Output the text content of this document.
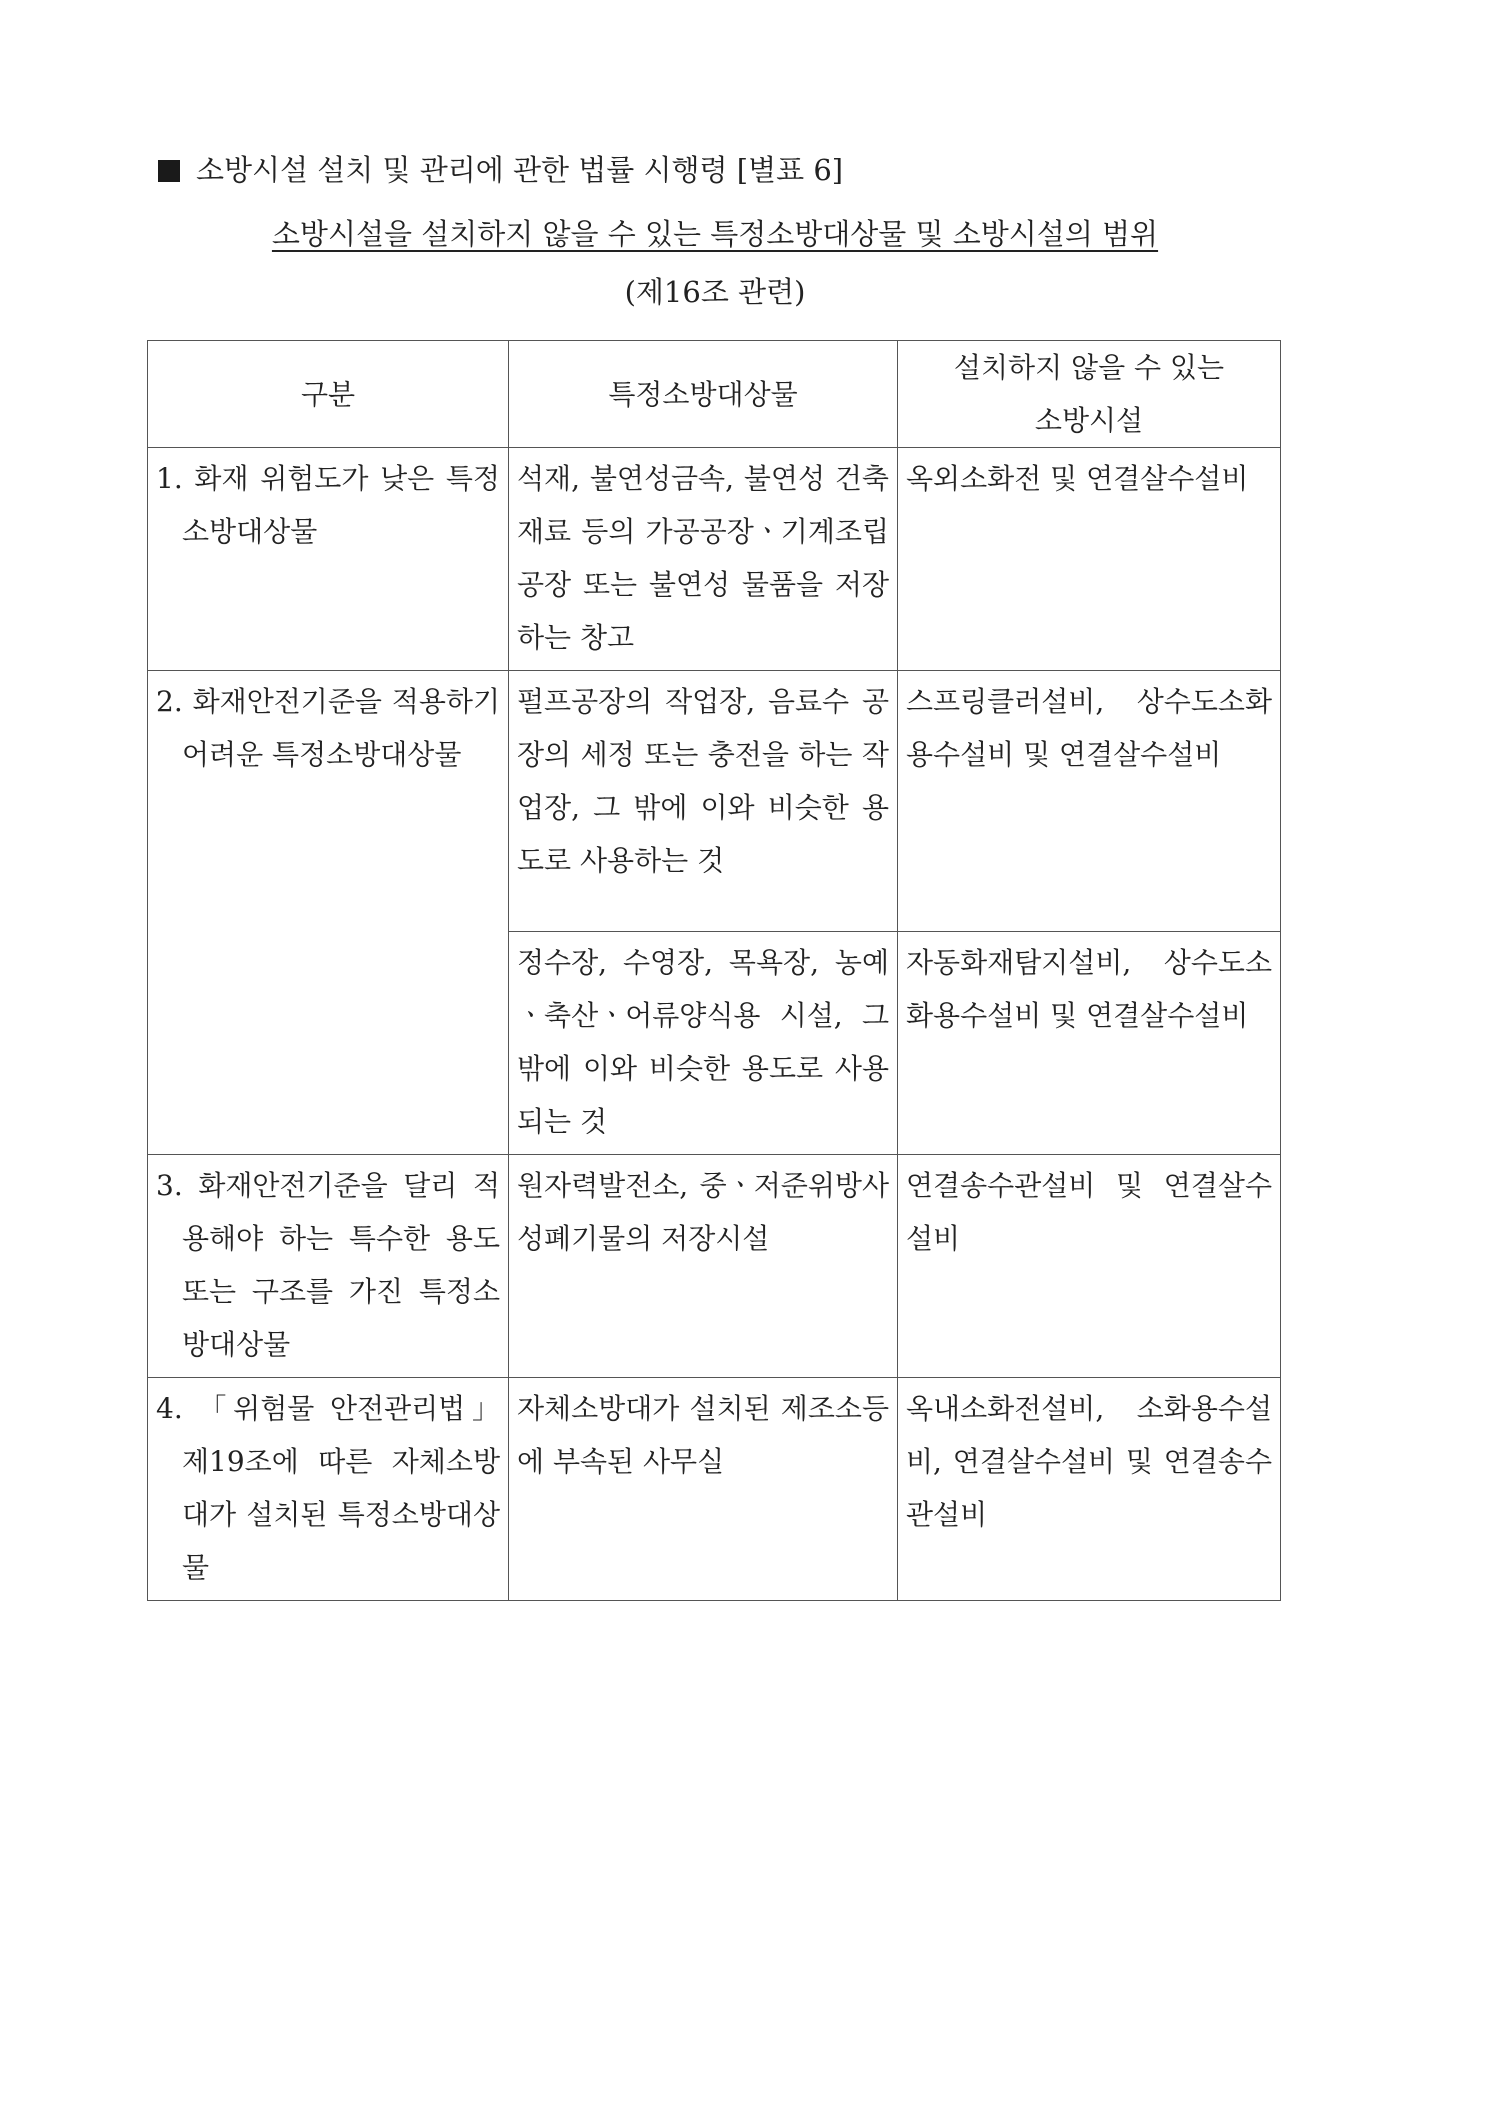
소방시설 설치 및 관리에 관한 법률 시행령 [별표 6]
소방시설을 설치하지 않을 수 있는 특정소방대상물 및 소방시설의 범위
(제16조 관련)
구분	특정소방대상물	설치하지 않을 수 있는
소방시설
1. 화재 위험도가 낮은 특정소방대상물	석재, 불연성금속, 불연성 건축재료 등의 가공공장ㆍ기계조립공장 또는 불연성 물품을 저장하는 창고	옥외소화전 및 연결살수설비
2. 화재안전기준을 적용하기 어려운 특정소방대상물	펄프공장의 작업장, 음료수 공장의 세정 또는 충전을 하는 작업장, 그 밖에 이와 비슷한 용도로 사용하는 것	스프링클러설비, 상수도소화용수설비 및 연결살수설비
	정수장, 수영장, 목욕장, 농예ㆍ축산ㆍ어류양식용 시설, 그 밖에 이와 비슷한 용도로 사용되는 것	자동화재탐지설비, 상수도소화용수설비 및 연결살수설비
3. 화재안전기준을 달리 적용해야 하는 특수한 용도 또는 구조를 가진 특정소방대상물	원자력발전소, 중ㆍ저준위방사성폐기물의 저장시설	연결송수관설비 및 연결살수설비
4. 「위험물 안전관리법」 제19조에 따른 자체소방대가 설치된 특정소방대상물	자체소방대가 설치된 제조소등에 부속된 사무실	옥내소화전설비, 소화용수설비, 연결살수설비 및 연결송수관설비
